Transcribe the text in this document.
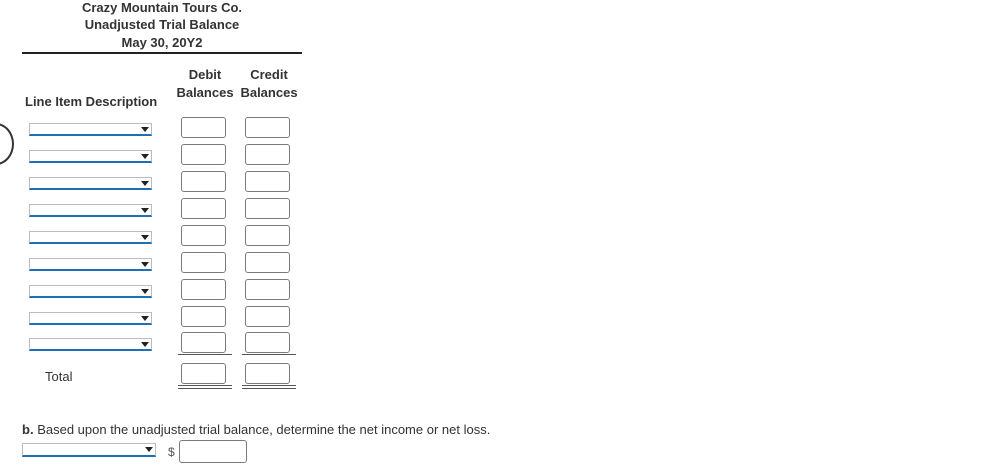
Crazy Mountain Tours Co.
Unadjusted Trial Balance
May 30, 20Y2
Debit
Balances
Credit
Balances
Line Item Description
Total
b. Based upon the unadjusted trial balance, determine the net income or net loss.
$
